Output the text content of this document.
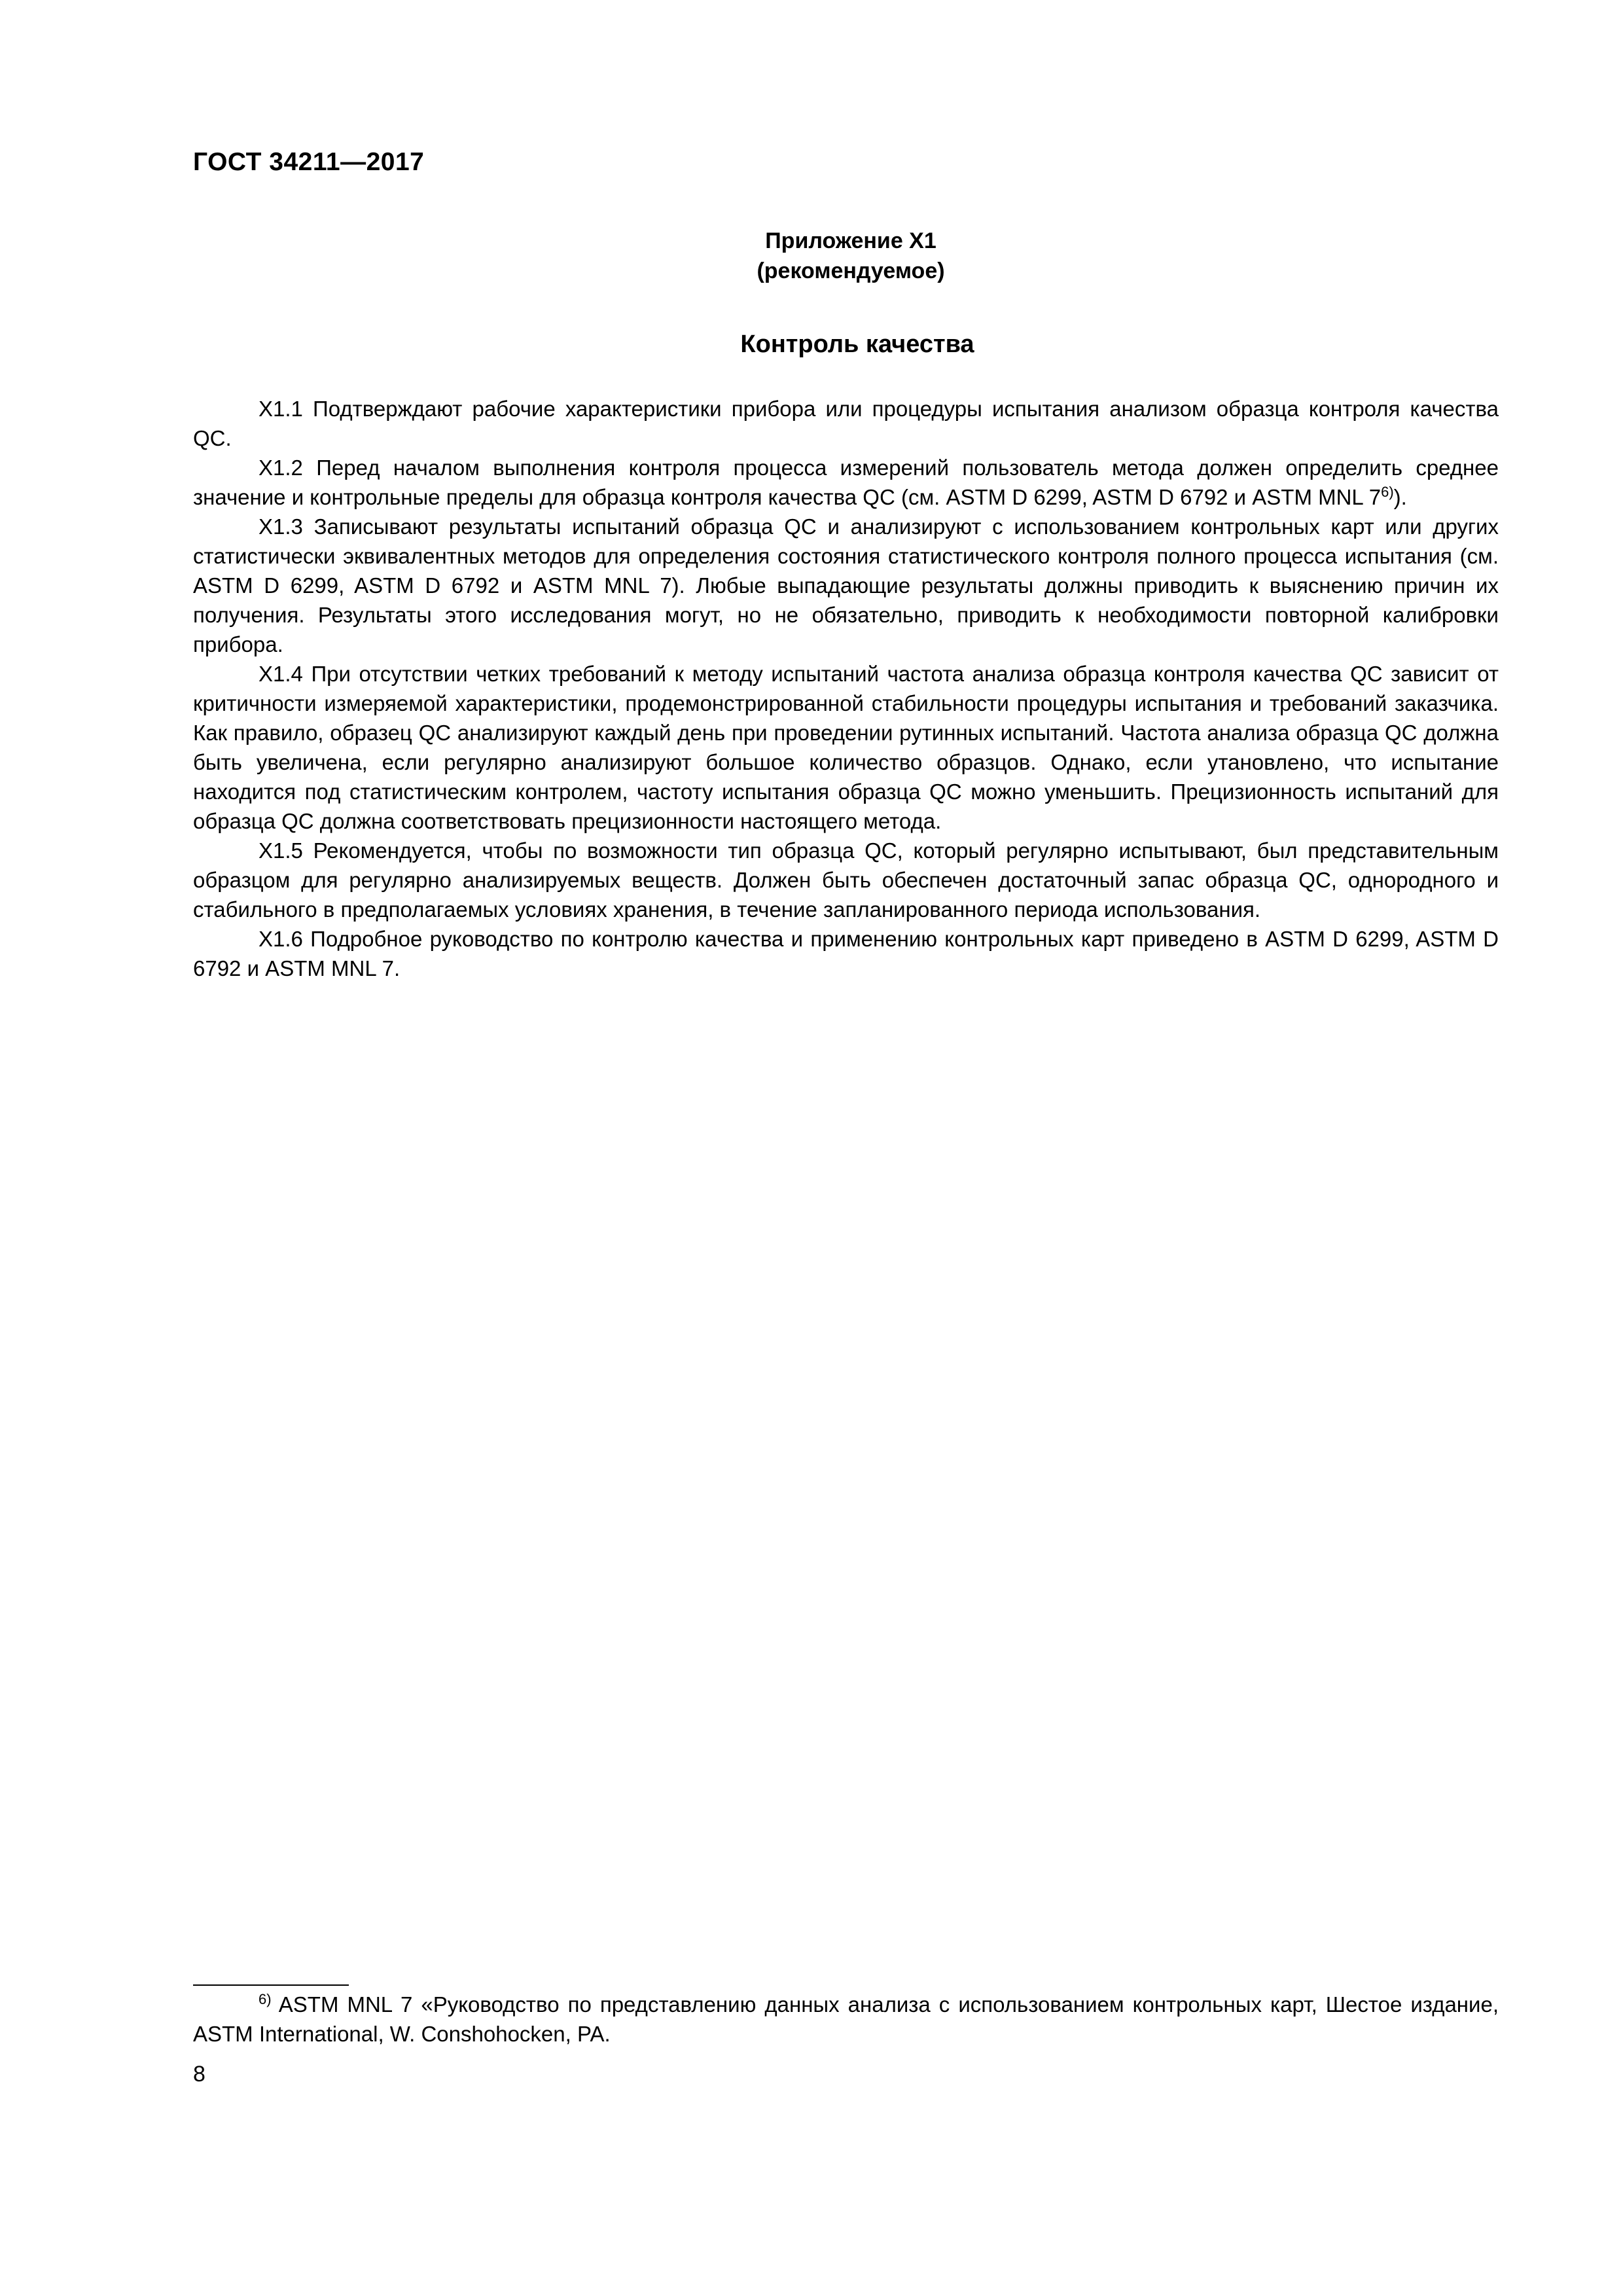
ГОСТ 34211—2017
Приложение X1
(рекомендуемое)
Контроль качества

X1.1 Подтверждают рабочие характеристики прибора или процедуры испытания анализом образца контроля качества QC.

X1.2 Перед началом выполнения контроля процесса измерений пользователь метода должен определить среднее значение и контрольные пределы для образца контроля качества QC (см. ASTM D 6299, ASTM D 6792 и ASTM MNL 7$^{6)}$).

X1.3 Записывают результаты испытаний образца QC и анализируют с использованием контрольных карт или других статистически эквивалентных методов для определения состояния статистического контроля полного процесса испытания (см. ASTM D 6299, ASTM D 6792 и ASTM MNL 7). Любые выпадающие результаты должны приводить к выяснению причин их получения. Результаты этого исследования могут, но не обязательно, приводить к необходимости повторной калибровки прибора.

X1.4 При отсутствии четких требований к методу испытаний частота анализа образца контроля качества QC зависит от критичности измеряемой характеристики, продемонстрированной стабильности процедуры испытания и требований заказчика. Как правило, образец QC анализируют каждый день при проведении рутинных испытаний. Частота анализа образца QC должна быть увеличена, если регулярно анализируют большое количество образцов. Однако, если утановлено, что испытание находится под статистическим контролем, частоту испытания образца QC можно уменьшить. Прецизионность испытаний для образца QC должна соответствовать прецизионности настоящего метода.

X1.5 Рекомендуется, чтобы по возможности тип образца QC, который регулярно испытывают, был представительным образцом для регулярно анализируемых веществ. Должен быть обеспечен достаточный запас образца QC, однородного и стабильного в предполагаемых условиях хранения, в течение запланированного периода использования.

X1.6 Подробное руководство по контролю качества и применению контрольных карт приведено в ASTM D 6299, ASTM D 6792 и ASTM MNL 7.

$^{6)}$ ASTM MNL 7 «Руководство по представлению данных анализа с использованием контрольных карт, Шестое издание, ASTM International, W. Conshohocken, PA.

8
